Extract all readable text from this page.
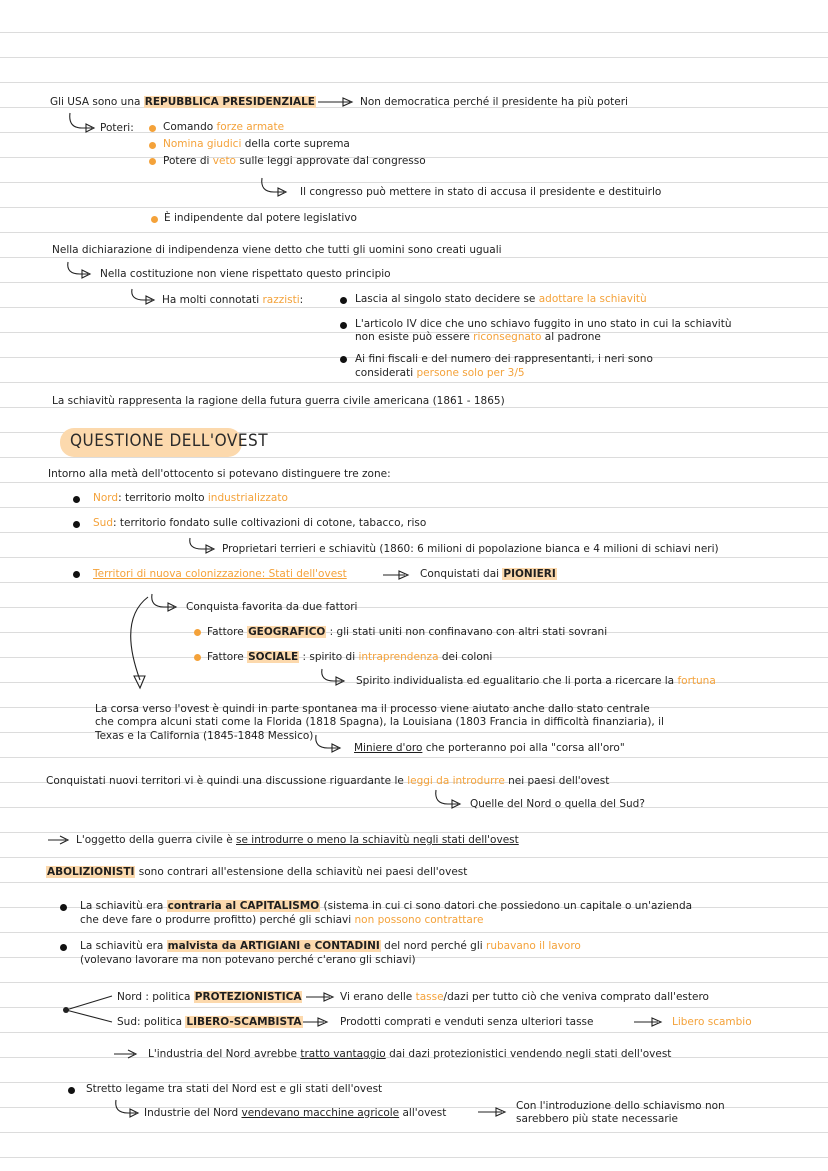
Gli USA sono una REPUBBLICA PRESIDENZIALE	Non democratica perché il presidente ha più poteri
Poteri:	Comando forze armate
Nomina giudici della corte suprema
Potere di veto sulle leggi approvate dal congresso
Il congresso può mettere in stato di accusa il presidente e destituirlo
È indipendente dal potere legislativo
Nella dichiarazione di indipendenza viene detto che tutti gli uomini sono creati uguali
Nella costituzione non viene rispettato questo principio
Ha molti connotati razzisti:	Lascia al singolo stato decidere se adottare la schiavitù
L'articolo IV dice che uno schiavo fuggito in uno stato in cui la schiavitù
non esiste può essere riconsegnato al padrone
Ai fini fiscali e del numero dei rappresentanti, i neri sono
considerati persone solo per 3/5
La schiavitù rappresenta la ragione della futura guerra civile americana (1861 - 1865)
QUESTIONE DELL'OVEST
Intorno alla metà dell'ottocento si potevano distinguere tre zone:
Nord: territorio molto industrializzato
Sud: territorio fondato sulle coltivazioni di cotone, tabacco, riso
Proprietari terrieri e schiavitù (1860: 6 milioni di popolazione bianca e 4 milioni di schiavi neri)
Territori di nuova colonizzazione: Stati dell'ovest	Conquistati dai PIONIERI
Conquista favorita da due fattori
Fattore GEOGRAFICO : gli stati uniti non confinavano con altri stati sovrani
Fattore SOCIALE : spirito di intraprendenza dei coloni
Spirito individualista ed egualitario che li porta a ricercare la fortuna
La corsa verso l'ovest è quindi in parte spontanea ma il processo viene aiutato anche dallo stato centrale
che compra alcuni stati come la Florida (1818 Spagna), la Louisiana (1803 Francia in difficoltà finanziaria), il
Texas e la California (1845-1848 Messico)
Miniere d'oro che porteranno poi alla "corsa all'oro"
Conquistati nuovi territori vi è quindi una discussione riguardante le leggi da introdurre nei paesi dell'ovest
Quelle del Nord o quella del Sud?
L'oggetto della guerra civile è se introdurre o meno la schiavitù negli stati dell'ovest
ABOLIZIONISTI sono contrari all'estensione della schiavitù nei paesi dell'ovest
La schiavitù era contraria al CAPITALISMO (sistema in cui ci sono datori che possiedono un capitale o un'azienda
che deve fare o produrre profitto) perché gli schiavi non possono contrattare
La schiavitù era malvista da ARTIGIANI e CONTADINI del nord perché gli rubavano il lavoro
(volevano lavorare ma non potevano perché c'erano gli schiavi)
Nord : politica PROTEZIONISTICA	Vi erano delle tasse/dazi per tutto ciò che veniva comprato dall'estero
Sud: politica LIBERO-SCAMBISTA	Prodotti comprati e venduti senza ulteriori tasse	Libero scambio
L'industria del Nord avrebbe tratto vantaggio dai dazi protezionistici vendendo negli stati dell'ovest
Stretto legame tra stati del Nord est e gli stati dell'ovest
Industrie del Nord vendevano macchine agricole all'ovest
Con l'introduzione dello schiavismo non
sarebbero più state necessarie
